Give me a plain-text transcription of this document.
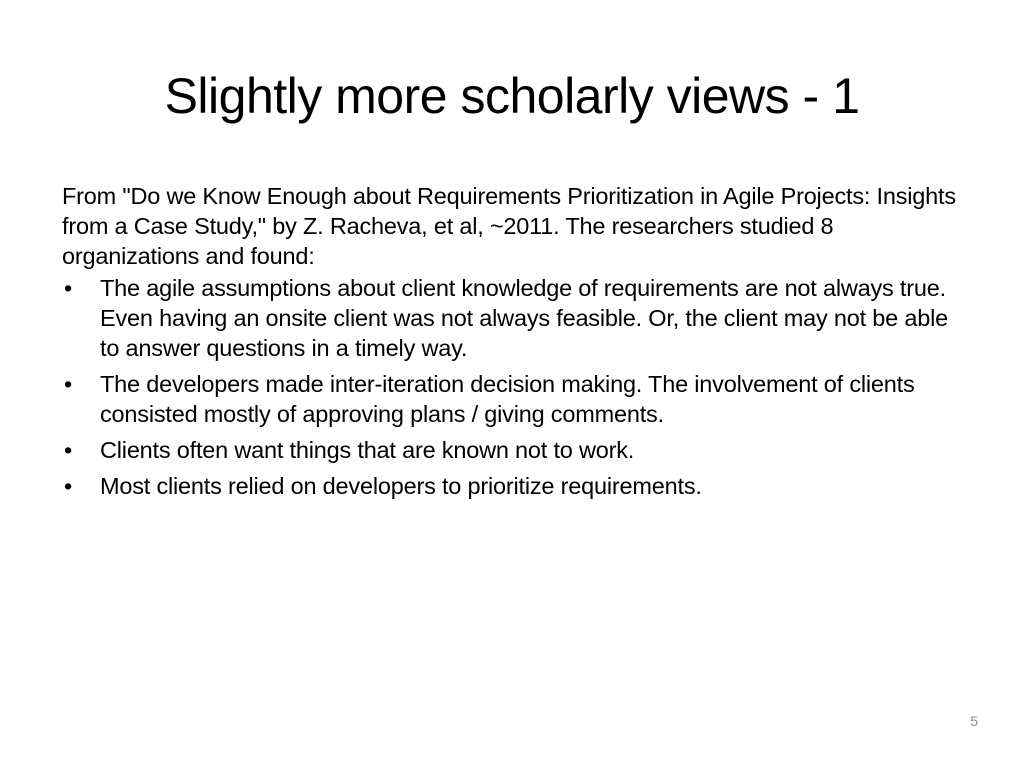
Slightly more scholarly views - 1

From "Do we Know Enough about Requirements Prioritization in Agile Projects: Insights from a Case Study," by Z. Racheva, et al, ~2011. The researchers studied 8 organizations and found:

• The agile assumptions about client knowledge of requirements are not always true. Even having an onsite client was not always feasible. Or, the client may not be able to answer questions in a timely way.
• The developers made inter-iteration decision making. The involvement of clients consisted mostly of approving plans / giving comments.
• Clients often want things that are known not to work.
• Most clients relied on developers to prioritize requirements.
5
